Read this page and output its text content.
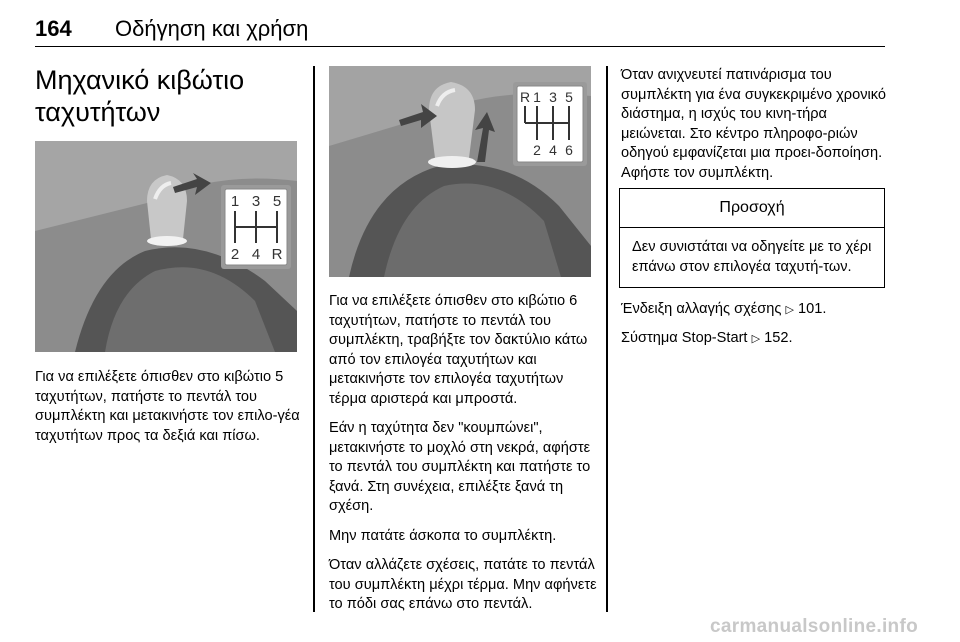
164 Οδήγηση και χρήση
Μηχανικό κιβώτιο ταχυτήτων
1 3 5
2 4 R

Για να επιλέξετε όπισθεν στο κιβώτιο 5 ταχυτήτων, πατήστε το πεντάλ του συμπλέκτη και μετακινήστε τον επιλο-γέα ταχυτήτων προς τα δεξιά και πίσω.

R 1 3 5
2 4 6

Για να επιλέξετε όπισθεν στο κιβώτιο 6 ταχυτήτων, πατήστε το πεντάλ του συμπλέκτη, τραβήξτε τον δακτύλιο κάτω από τον επιλογέα ταχυτήτων και μετακινήστε τον επιλογέα ταχυτήτων τέρμα αριστερά και μπροστά.

Εάν η ταχύτητα δεν "κουμπώνει", μετακινήστε το μοχλό στη νεκρά, αφήστε το πεντάλ του συμπλέκτη και πατήστε το ξανά. Στη συνέχεια, επιλέξτε ξανά τη σχέση.

Μην πατάτε άσκοπα το συμπλέκτη.

Όταν αλλάζετε σχέσεις, πατάτε το πεντάλ του συμπλέκτη μέχρι τέρμα. Μην αφήνετε το πόδι σας επάνω στο πεντάλ.

Όταν ανιχνευτεί πατινάρισμα του συμπλέκτη για ένα συγκεκριμένο χρονικό διάστημα, η ισχύς του κινη-τήρα μειώνεται. Στο κέντρο πληροφο-ριών οδηγού εμφανίζεται μια προει-δοποίηση. Αφήστε τον συμπλέκτη.

Προσοχή
Δεν συνιστάται να οδηγείτε με το χέρι επάνω στον επιλογέα ταχυτή-των.

Ένδειξη αλλαγής σχέσης ▷ 101.

Σύστημα Stop-Start ▷ 152.

carmanualsonline.info
